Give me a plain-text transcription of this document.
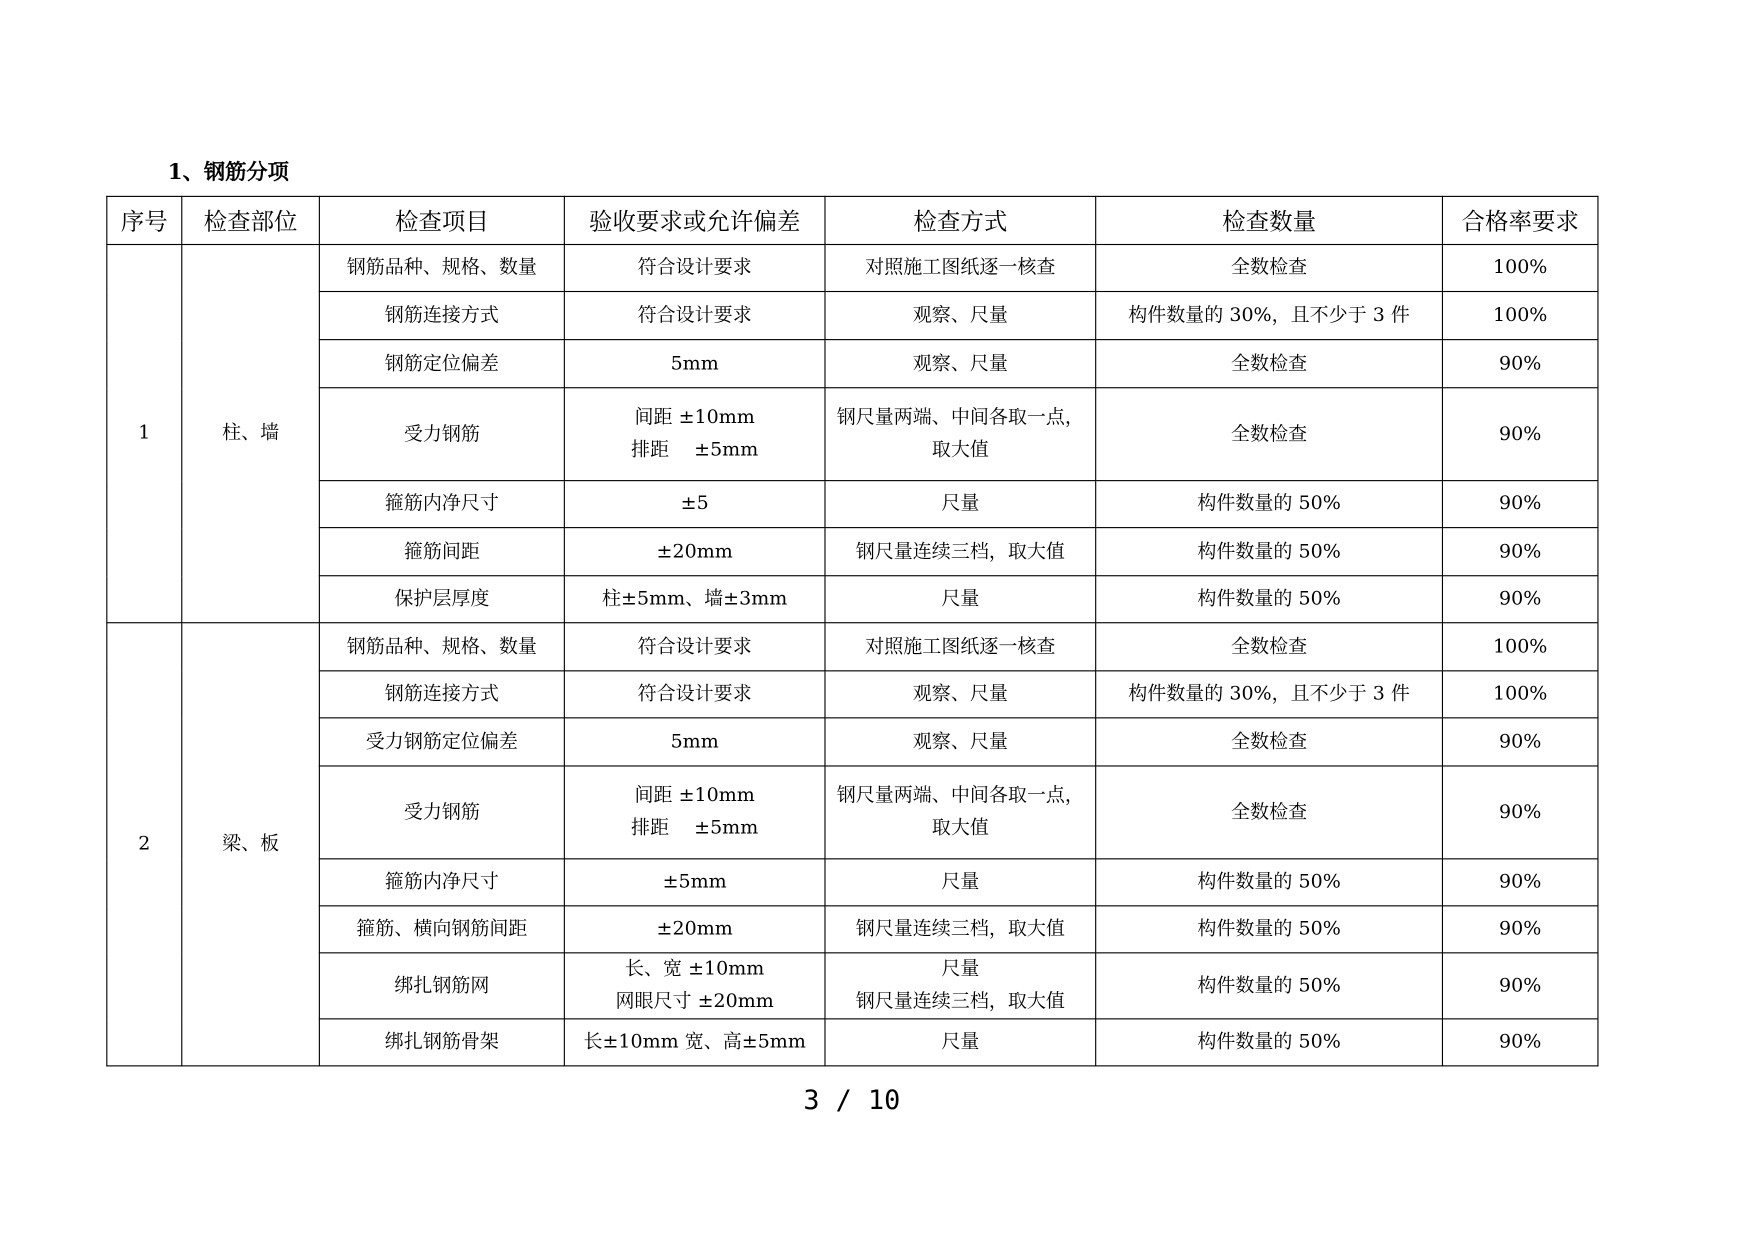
1、钢筋分项
序号	检查部位	检查项目	验收要求或允许偏差	检查方式	检查数量	合格率要求
1	柱、墙	钢筋品种、规格、数量	符合设计要求	对照施工图纸逐一核查	全数检查	100%
		钢筋连接方式	符合设计要求	观察、尺量	构件数量的 30%，且不少于 3 件	100%
		钢筋定位偏差	5mm	观察、尺量	全数检查	90%
		受力钢筋	间距 ±10mm
排距 　±5mm	钢尺量两端、中间各取一点，取大值	全数检查	90%
		箍筋内净尺寸	±5	尺量	构件数量的 50%	90%
		箍筋间距	±20mm	钢尺量连续三档，取大值	构件数量的 50%	90%
		保护层厚度	柱±5mm、墙±3mm	尺量	构件数量的 50%	90%
2	梁、板	钢筋品种、规格、数量	符合设计要求	对照施工图纸逐一核查	全数检查	100%
		钢筋连接方式	符合设计要求	观察、尺量	构件数量的 30%，且不少于 3 件	100%
		受力钢筋定位偏差	5mm	观察、尺量	全数检查	90%
		受力钢筋	间距 ±10mm
排距 　±5mm	钢尺量两端、中间各取一点，取大值	全数检查	90%
		箍筋内净尺寸	±5mm	尺量	构件数量的 50%	90%
		箍筋、横向钢筋间距	±20mm	钢尺量连续三档，取大值	构件数量的 50%	90%
		绑扎钢筋网	长、宽 ±10mm
网眼尺寸 ±20mm	尺量
钢尺量连续三档，取大值	构件数量的 50%	90%
		绑扎钢筋骨架	长±10mm 宽、高±5mm	尺量	构件数量的 50%	90%
3 / 10
